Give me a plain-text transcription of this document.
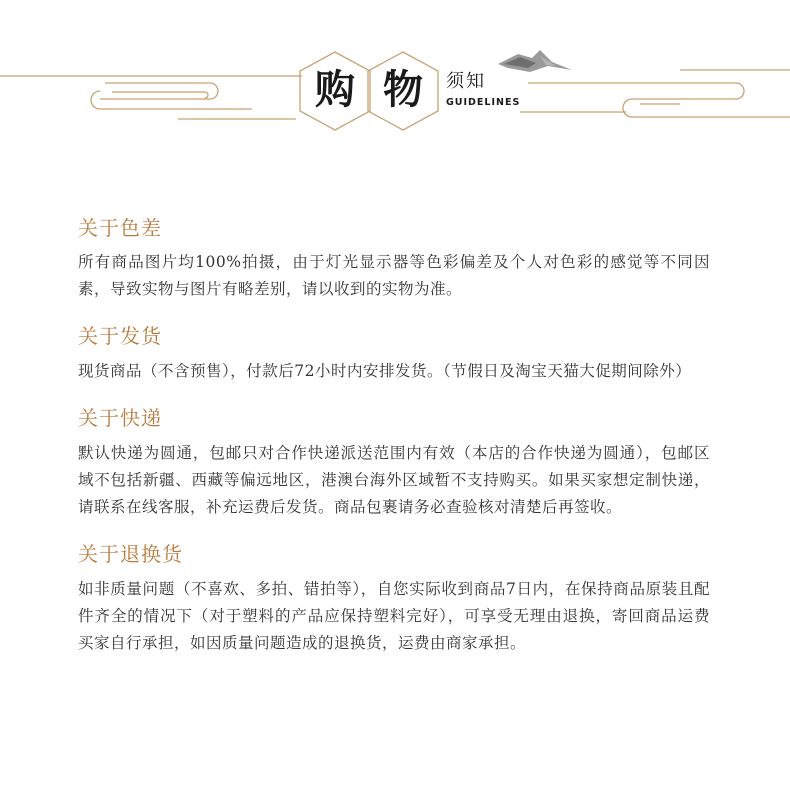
购 物	须知
GUIDELINES

关于色差

所有商品图片均100%拍摄，由于灯光显示器等色彩偏差及个人对色彩的感觉等不同因素，导致实物与图片有略差别，请以收到的实物为准。

关于发货

现货商品（不含预售），付款后72小时内安排发货。（节假日及淘宝天猫大促期间除外）

关于快递

默认快递为圆通，包邮只对合作快递派送范围内有效（本店的合作快递为圆通），包邮区域不包括新疆、西藏等偏远地区，港澳台海外区域暂不支持购买。如果买家想定制快递，请联系在线客服，补充运费后发货。商品包裹请务必查验核对清楚后再签收。

关于退换货

如非质量问题（不喜欢、多拍、错拍等），自您实际收到商品7日内，在保持商品原装且配件齐全的情况下（对于塑料的产品应保持塑料完好），可享受无理由退换，寄回商品运费买家自行承担，如因质量问题造成的退换货，运费由商家承担。
